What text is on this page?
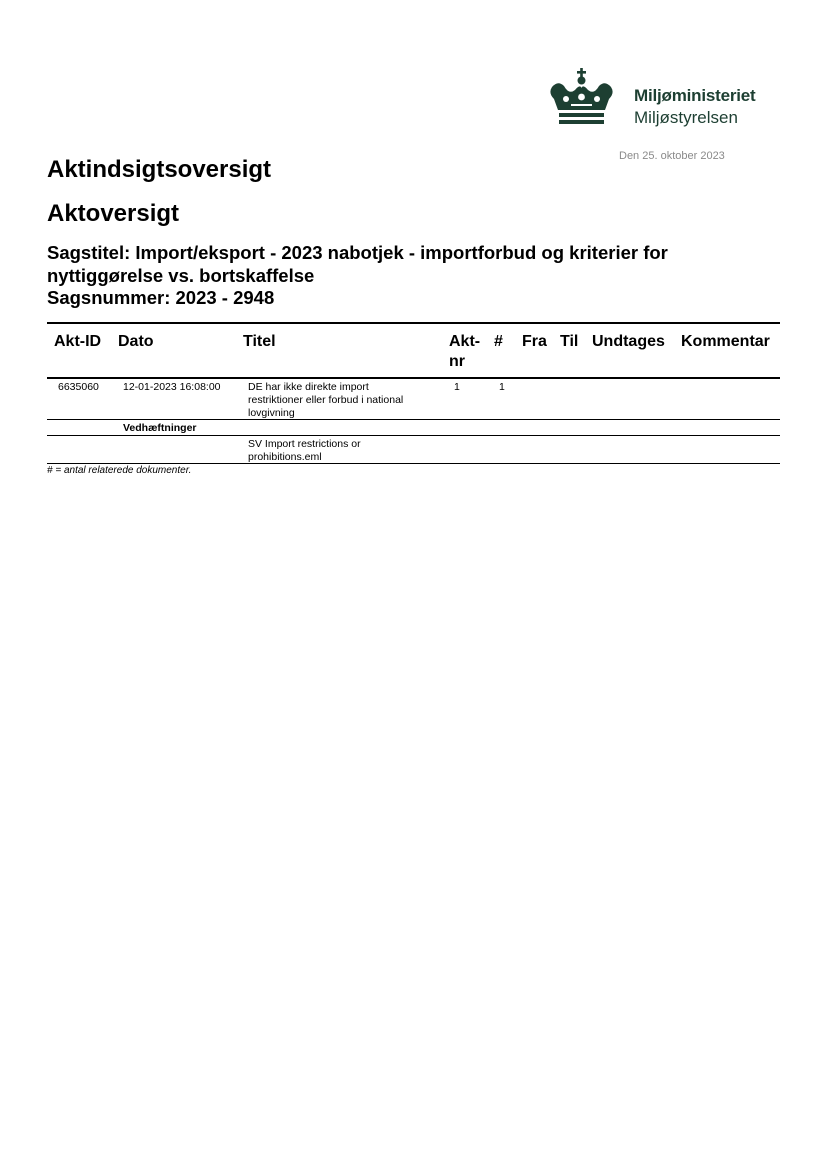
Miljøministeriet
Miljøstyrelsen
Den 25. oktober 2023
Aktindsigtsoversigt
Aktoversigt
Sagstitel: Import/eksport - 2023 nabotjek - importforbud og kriterier for
nyttiggørelse vs. bortskaffelse
Sagsnummer: 2023 - 2948
Akt-ID Dato	Titel	Akt-
nr
# Fra Til Undtages Kommentar
6635060 12-01-2023 16:08:00	DE har ikke direkte import
restriktioner eller forbud i national
lovgivning
1	1
Vedhæftninger
SV Import restrictions or
prohibitions.eml
# = antal relaterede dokumenter.
